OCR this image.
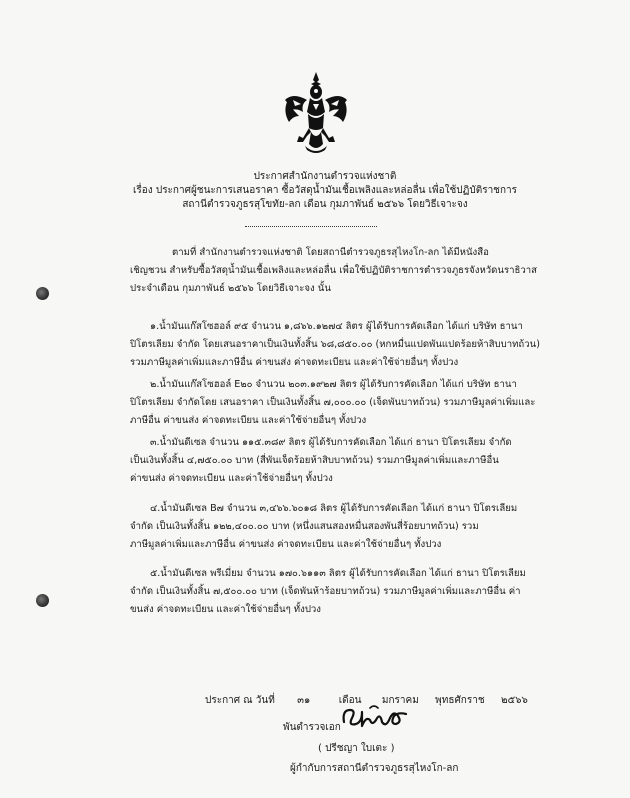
ประกาศสำนักงานตำรวจแห่งชาติ
เรื่อง ประกาศผู้ชนะการเสนอราคา ซื้อวัสดุน้ำมันเชื้อเพลิงและหล่อลื่น เพื่อใช้ปฏิบัติราชการ
สถานีตำรวจภูธรสุโขทัย-ลก เดือน กุมภาพันธ์ ๒๕๖๖ โดยวิธีเจาะจง
ตามที่ สำนักงานตำรวจแห่งชาติ โดยสถานีตำรวจภูธรสุไหงโก-ลก ได้มีหนังสือ
เชิญชวน สำหรับซื้อวัสดุน้ำมันเชื้อเพลิงและหล่อลื่น เพื่อใช้ปฏิบัติราชการตำรวจภูธรจังหวัดนราธิวาส
ประจำเดือน กุมภาพันธ์ ๒๕๖๖ โดยวิธีเจาะจง นั้น
๑.น้ำมันแก๊สโซฮอล์ ๙๕ จำนวน ๑,๘๖๖.๑๒๗๔ ลิตร ผู้ได้รับการคัดเลือก ได้แก่ บริษัท ธานา
ปิโตรเลียม จำกัด โดยเสนอราคาเป็นเงินทั้งสิ้น ๖๘,๘๕๐.๐๐ (หกหมื่นแปดพันแปดร้อยห้าสิบบาทถ้วน)
รวมภาษีมูลค่าเพิ่มและภาษีอื่น ค่าขนส่ง ค่าจดทะเบียน และค่าใช้จ่ายอื่นๆ ทั้งปวง
๒.น้ำมันแก๊สโซฮอล์ E๒๐ จำนวน ๒๐๓.๑๙๒๗ ลิตร ผู้ได้รับการคัดเลือก ได้แก่ บริษัท ธานา
ปิโตรเลียม จำกัดโดย เสนอราคา เป็นเงินทั้งสิ้น ๗,๐๐๐.๐๐ (เจ็ดพันบาทถ้วน) รวมภาษีมูลค่าเพิ่มและ
ภาษีอื่น ค่าขนส่ง ค่าจดทะเบียน และค่าใช้จ่ายอื่นๆ ทั้งปวง
๓.น้ำมันดีเซล จำนวน ๑๑๕.๓๘๙ ลิตร ผู้ได้รับการคัดเลือก ได้แก่ ธานา ปิโตรเลียม จำกัด
เป็นเงินทั้งสิ้น ๔,๗๕๐.๐๐ บาท (สี่พันเจ็ดร้อยห้าสิบบาทถ้วน) รวมภาษีมูลค่าเพิ่มและภาษีอื่น
ค่าขนส่ง ค่าจดทะเบียน และค่าใช้จ่ายอื่นๆ ทั้งปวง
๔.น้ำมันดีเซล B๗ จำนวน ๓,๔๖๖.๖๐๑๘ ลิตร ผู้ได้รับการคัดเลือก ได้แก่ ธานา ปิโตรเลียม
จำกัด เป็นเงินทั้งสิ้น ๑๒๒,๔๐๐.๐๐ บาท (หนึ่งแสนสองหมื่นสองพันสี่ร้อยบาทถ้วน) รวม
ภาษีมูลค่าเพิ่มและภาษีอื่น ค่าขนส่ง ค่าจดทะเบียน และค่าใช้จ่ายอื่นๆ ทั้งปวง
๕.น้ำมันดีเซล พรีเมี่ยม จำนวน ๑๗๐.๖๑๑๓ ลิตร ผู้ได้รับการคัดเลือก ได้แก่ ธานา ปิโตรเลียม
จำกัด เป็นเงินทั้งสิ้น ๗,๕๐๐.๐๐ บาท (เจ็ดพันห้าร้อยบาทถ้วน) รวมภาษีมูลค่าเพิ่มและภาษีอื่น ค่า
ขนส่ง ค่าจดทะเบียน และค่าใช้จ่ายอื่นๆ ทั้งปวง
ประกาศ ณ วันที่ ๓๑	เดือน มกราคม พุทธศักราช ๒๕๖๖
พันตำรวจเอก
( ปรีชญา ใบเตะ )
ผู้กำกับการสถานีตำรวจภูธรสุไหงโก-ลก
